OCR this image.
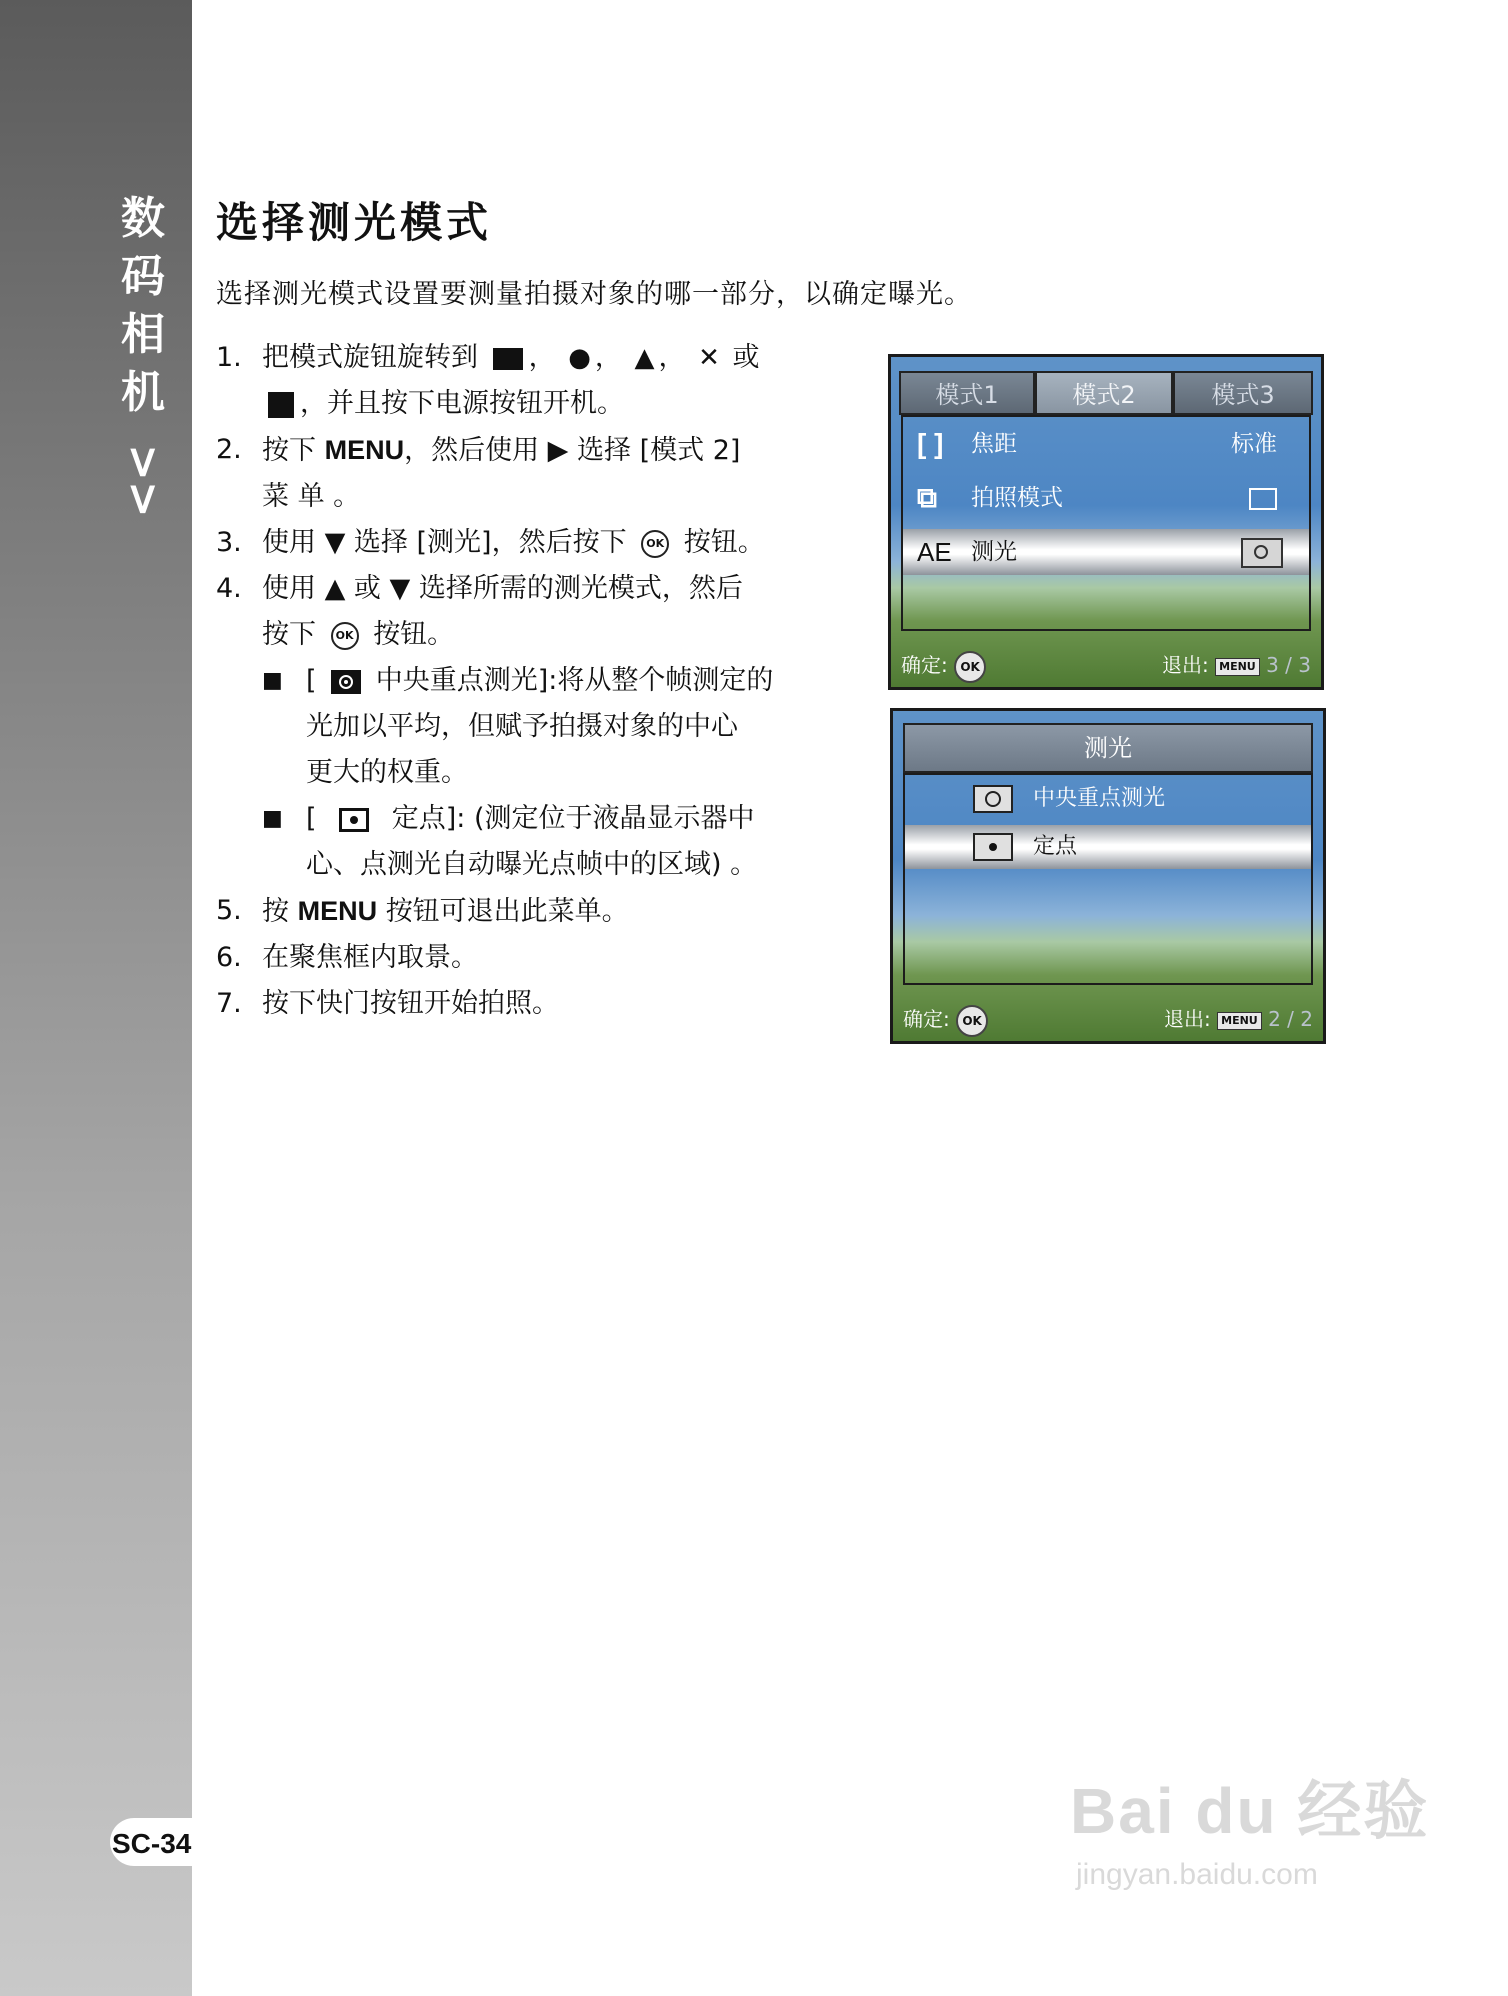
数
码
相
机
>>
SC-34
选择测光模式
选择测光模式设置要测量拍摄对象的哪一部分，以确定曝光。
1. 把模式旋钮旋转到 ， ● ， ▲ ， ✕ 或
，并且按下电源按钮开机。
2. 按下 MENU，然后使用 ▶ 选择 [模式 2]
菜 单 。
3. 使用 ▼ 选择 [测光]，然后按下 OK 按钮。
4. 使用 ▲ 或 ▼ 选择所需的测光模式，然后
按下 OK 按钮。
■ [ 中央重点测光]:将从整个帧测定的
光加以平均，但赋予拍摄对象的中心
更大的权重。
■ [	定点]: (测定位于液晶显示器中
心、点测光自动曝光点帧中的区域) 。
5. 按 MENU 按钮可退出此菜单。
6. 在聚焦框内取景。
7. 按下快门按钮开始拍照。
模式1	模式2	模式3
[ ] 焦距	标准
⧉ 拍照模式
AE 测光
确定: OK	退出: MENU 3 / 3
测光
中央重点测光
定点
确定: OK	退出: MENU 2 / 2
Bai du 经验
jingyan.baidu.com
